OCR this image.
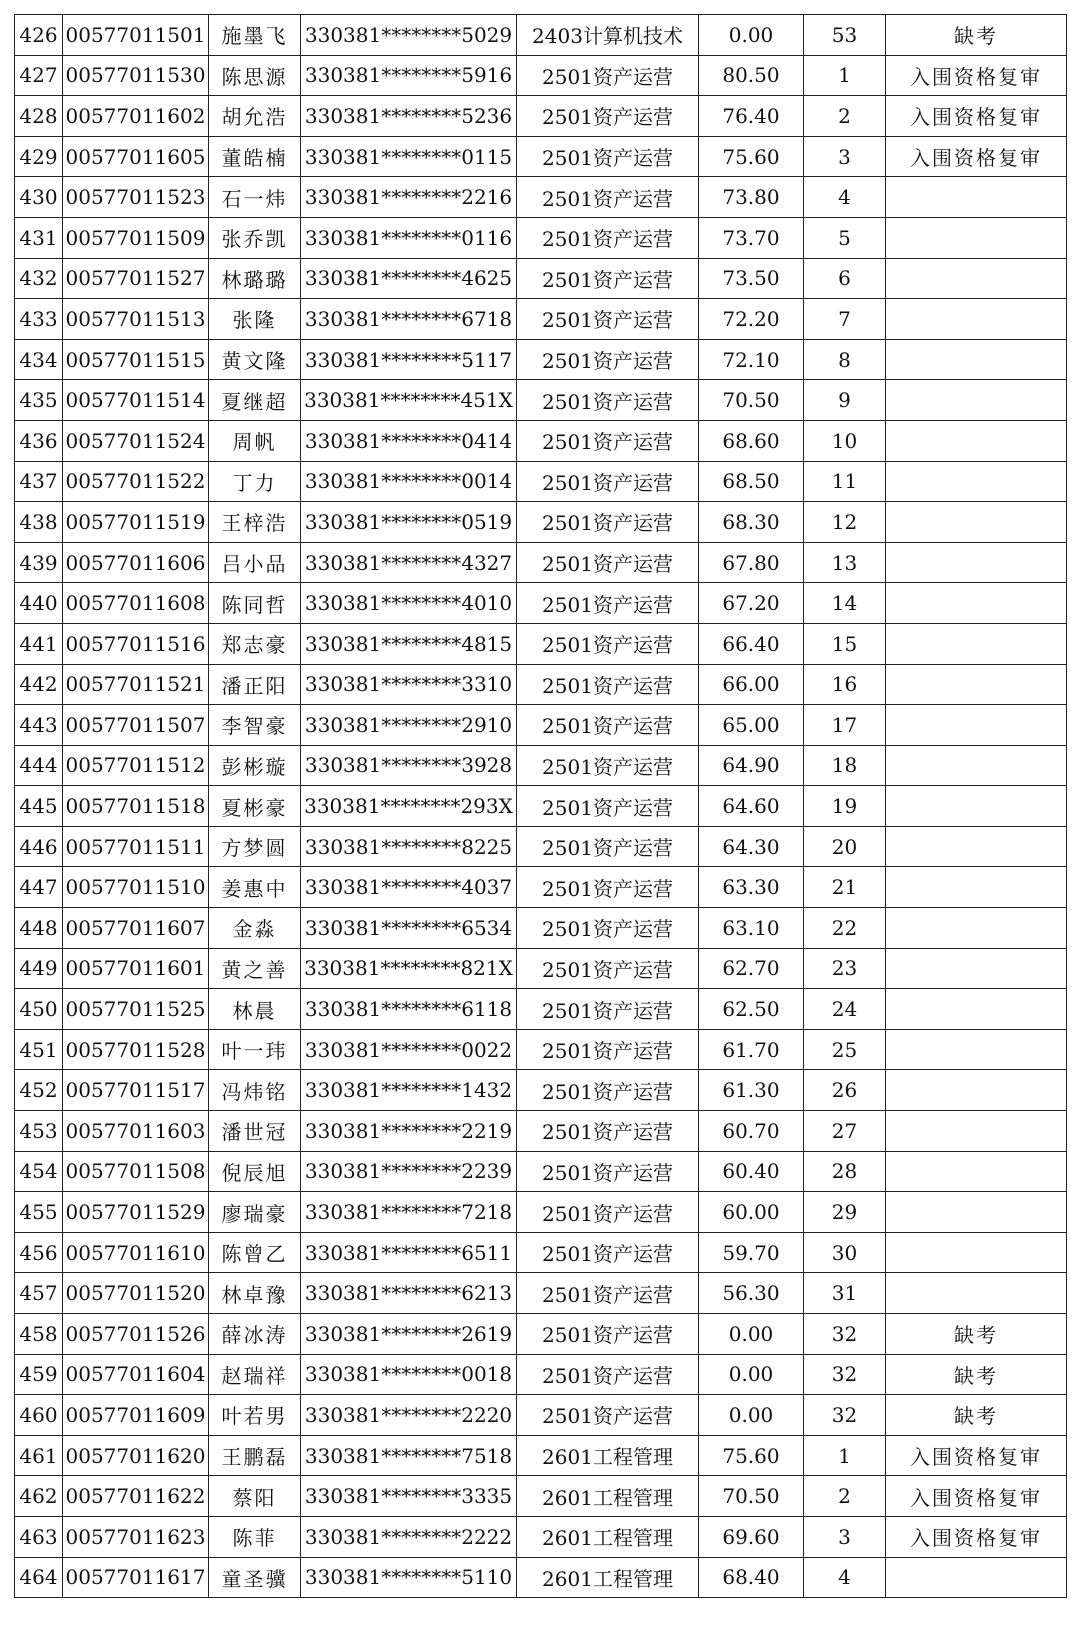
426	00577011501	施墨飞	330381********5029	2403计算机技术	0.00	53	缺考
427	00577011530	陈思源	330381********5916	2501资产运营	80.50	1	入围资格复审
428	00577011602	胡允浩	330381********5236	2501资产运营	76.40	2	入围资格复审
429	00577011605	董皓楠	330381********0115	2501资产运营	75.60	3	入围资格复审
430	00577011523	石一炜	330381********2216	2501资产运营	73.80	4	
431	00577011509	张乔凯	330381********0116	2501资产运营	73.70	5	
432	00577011527	林璐璐	330381********4625	2501资产运营	73.50	6	
433	00577011513	张隆	330381********6718	2501资产运营	72.20	7	
434	00577011515	黄文隆	330381********5117	2501资产运营	72.10	8	
435	00577011514	夏继超	330381********451X	2501资产运营	70.50	9	
436	00577011524	周帆	330381********0414	2501资产运营	68.60	10	
437	00577011522	丁力	330381********0014	2501资产运营	68.50	11	
438	00577011519	王梓浩	330381********0519	2501资产运营	68.30	12	
439	00577011606	吕小品	330381********4327	2501资产运营	67.80	13	
440	00577011608	陈同哲	330381********4010	2501资产运营	67.20	14	
441	00577011516	郑志豪	330381********4815	2501资产运营	66.40	15	
442	00577011521	潘正阳	330381********3310	2501资产运营	66.00	16	
443	00577011507	李智豪	330381********2910	2501资产运营	65.00	17	
444	00577011512	彭彬璇	330381********3928	2501资产运营	64.90	18	
445	00577011518	夏彬豪	330381********293X	2501资产运营	64.60	19	
446	00577011511	方梦圆	330381********8225	2501资产运营	64.30	20	
447	00577011510	姜惠中	330381********4037	2501资产运营	63.30	21	
448	00577011607	金淼	330381********6534	2501资产运营	63.10	22	
449	00577011601	黄之善	330381********821X	2501资产运营	62.70	23	
450	00577011525	林晨	330381********6118	2501资产运营	62.50	24	
451	00577011528	叶一玮	330381********0022	2501资产运营	61.70	25	
452	00577011517	冯炜铭	330381********1432	2501资产运营	61.30	26	
453	00577011603	潘世冠	330381********2219	2501资产运营	60.70	27	
454	00577011508	倪辰旭	330381********2239	2501资产运营	60.40	28	
455	00577011529	廖瑞豪	330381********7218	2501资产运营	60.00	29	
456	00577011610	陈曾乙	330381********6511	2501资产运营	59.70	30	
457	00577011520	林卓豫	330381********6213	2501资产运营	56.30	31	
458	00577011526	薛冰涛	330381********2619	2501资产运营	0.00	32	缺考
459	00577011604	赵瑞祥	330381********0018	2501资产运营	0.00	32	缺考
460	00577011609	叶若男	330381********2220	2501资产运营	0.00	32	缺考
461	00577011620	王鹏磊	330381********7518	2601工程管理	75.60	1	入围资格复审
462	00577011622	蔡阳	330381********3335	2601工程管理	70.50	2	入围资格复审
463	00577011623	陈菲	330381********2222	2601工程管理	69.60	3	入围资格复审
464	00577011617	童圣骥	330381********5110	2601工程管理	68.40	4	
